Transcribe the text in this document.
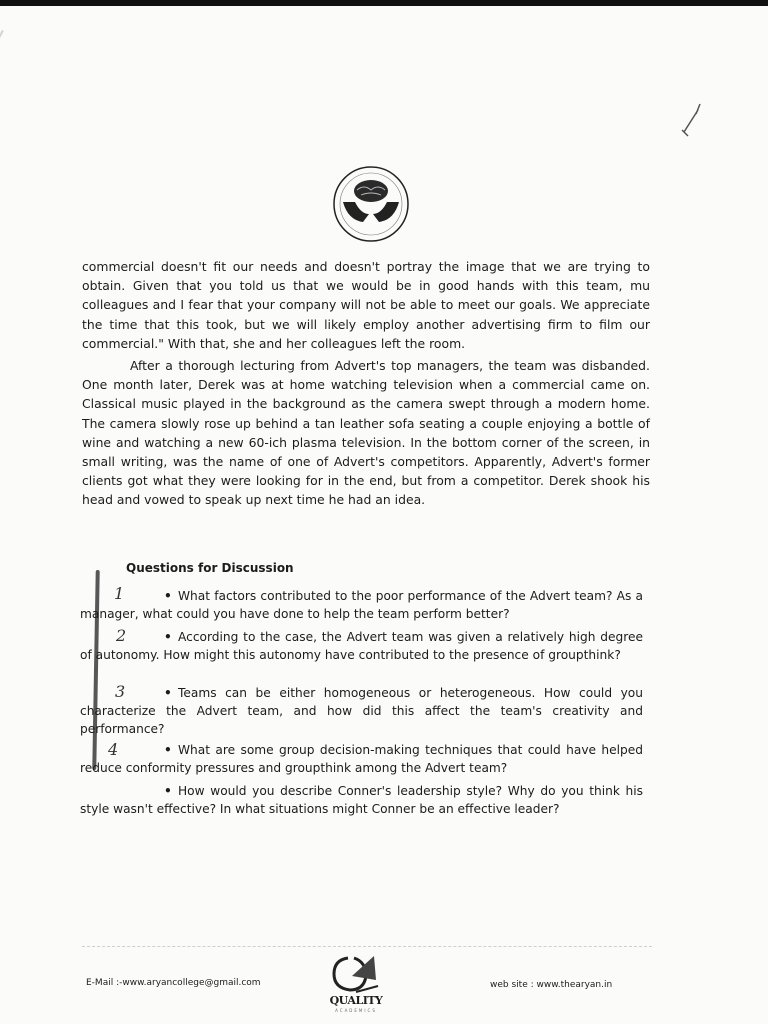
commercial doesn't fit our needs and doesn't portray the image that we are trying to obtain. Given that you told us that we would be in good hands with this team, mu colleagues and I fear that your company will not be able to meet our goals. We appreciate the time that this took, but we will likely employ another advertising firm to film our commercial." With that, she and her colleagues left the room.

After a thorough lecturing from Advert's top managers, the team was disbanded. One month later, Derek was at home watching television when a commercial came on. Classical music played in the background as the camera swept through a modern home. The camera slowly rose up behind a tan leather sofa seating a couple enjoying a bottle of wine and watching a new 60-ich plasma television. In the bottom corner of the screen, in small writing, was the name of one of Advert's competitors. Apparently, Advert's former clients got what they were looking for in the end, but from a competitor. Derek shook his head and vowed to speak up next time he had an idea.

Questions for Discussion

1
2
3
4

• What factors contributed to the poor performance of the Advert team? As a manager, what could you have done to help the team perform better?

• According to the case, the Advert team was given a relatively high degree of autonomy. How might this autonomy have contributed to the presence of groupthink?

• Teams can be either homogeneous or heterogeneous. How could you characterize the Advert team, and how did this affect the team's creativity and performance?

• What are some group decision-making techniques that could have helped reduce conformity pressures and groupthink among the Advert team?

• How would you describe Conner's leadership style? Why do you think his style wasn't effective? In what situations might Conner be an effective leader?

E-Mail :-www.aryancollege@gmail.com
QUALITY
ACADEMICS
web site : www.thearyan.in
